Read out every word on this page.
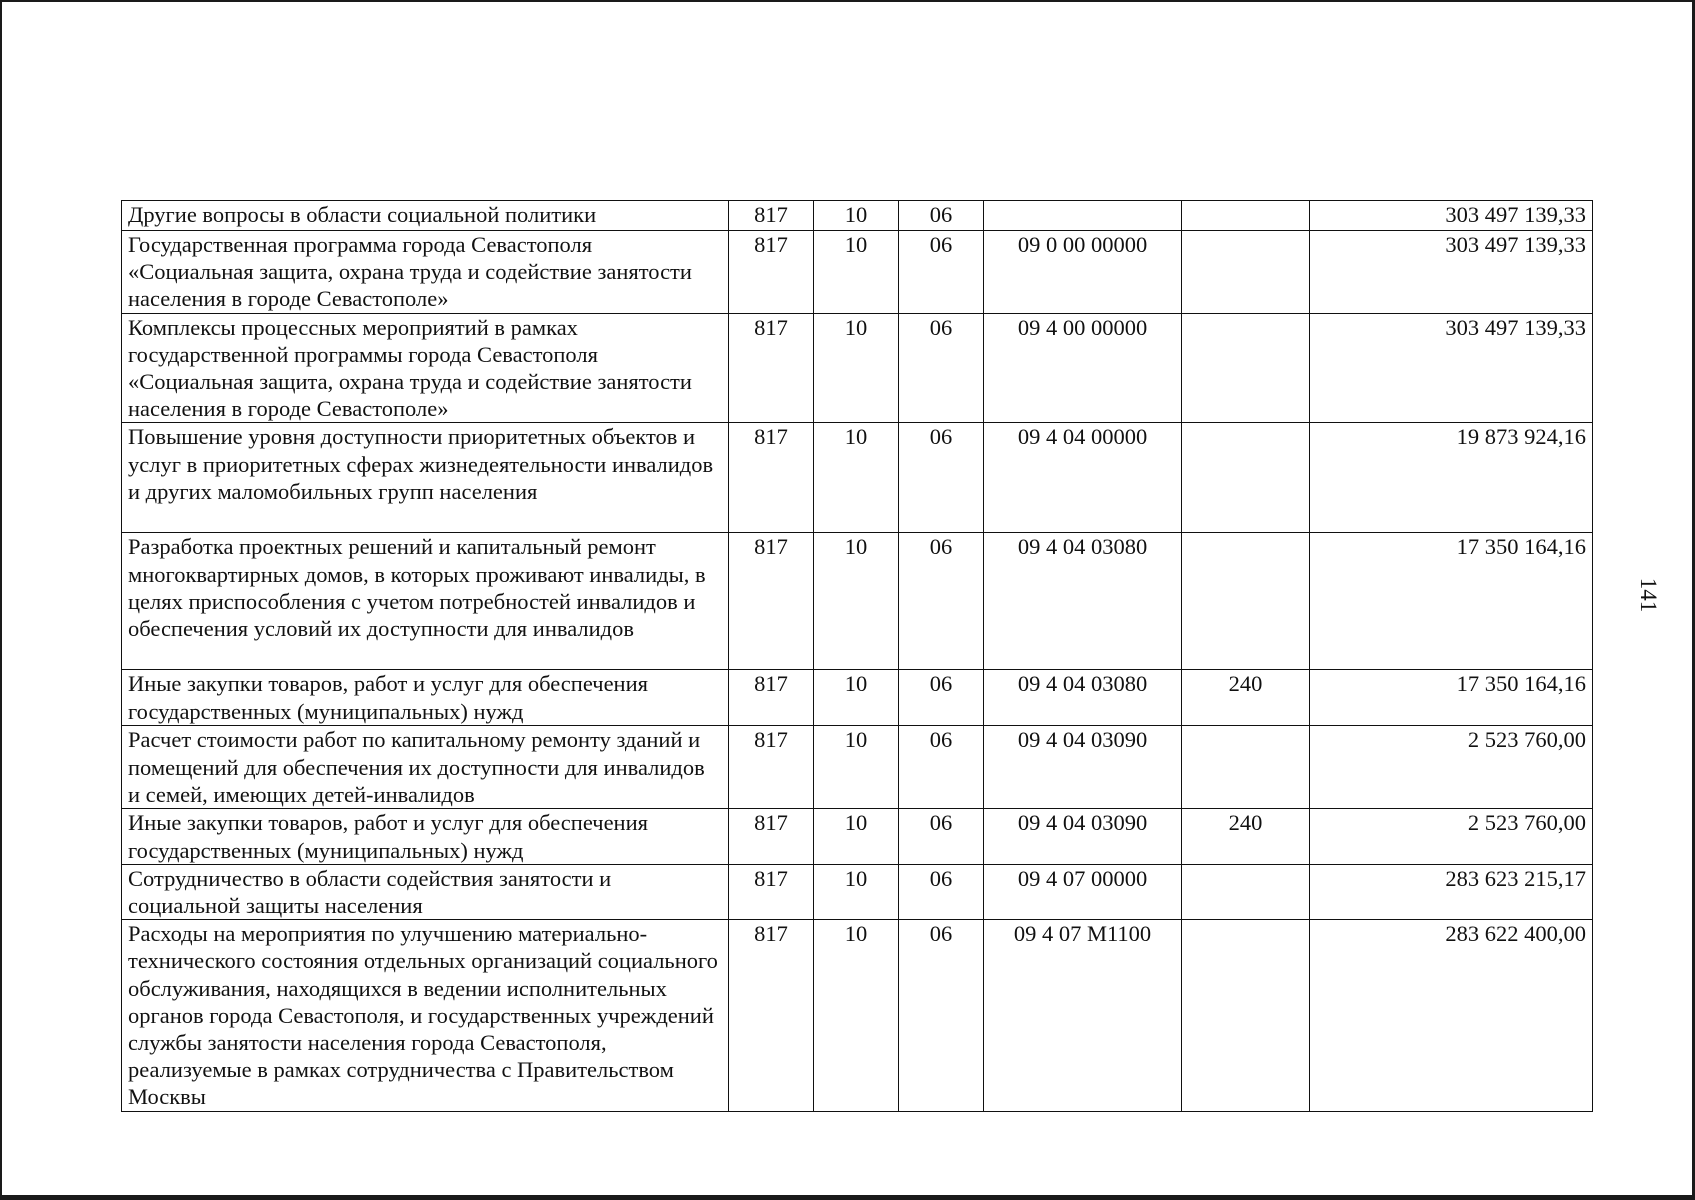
141
Другие вопросы в области социальной политики	817	10	06			303 497 139,33
Государственная программа города Севастополя «Социальная защита, охрана труда и содействие занятости населения в городе Севастополе»	817	10	06	09 0 00 00000		303 497 139,33
Комплексы процессных мероприятий в рамках государственной программы города Севастополя «Социальная защита, охрана труда и содействие занятости населения в городе Севастополе»	817	10	06	09 4 00 00000		303 497 139,33
Повышение уровня доступности приоритетных объектов и услуг в приоритетных сферах жизнедеятельности инвалидов и других маломобильных групп населения	817	10	06	09 4 04 00000		19 873 924,16
Разработка проектных решений и капитальный ремонт многоквартирных домов, в которых проживают инвалиды, в целях приспособления с учетом потребностей инвалидов и обеспечения условий их доступности для инвалидов	817	10	06	09 4 04 03080		17 350 164,16
Иные закупки товаров, работ и услуг для обеспечения государственных (муниципальных) нужд	817	10	06	09 4 04 03080	240	17 350 164,16
Расчет стоимости работ по капитальному ремонту зданий и помещений для обеспечения их доступности для инвалидов и семей, имеющих детей-инвалидов	817	10	06	09 4 04 03090		2 523 760,00
Иные закупки товаров, работ и услуг для обеспечения государственных (муниципальных) нужд	817	10	06	09 4 04 03090	240	2 523 760,00
Сотрудничество в области содействия занятости и социальной защиты населения	817	10	06	09 4 07 00000		283 623 215,17
Расходы на мероприятия по улучшению материально-технического состояния отдельных организаций социального обслуживания, находящихся в ведении исполнительных органов города Севастополя, и государственных учреждений службы занятости населения города Севастополя, реализуемые в рамках сотрудничества с Правительством Москвы	817	10	06	09 4 07 М1100		283 622 400,00
